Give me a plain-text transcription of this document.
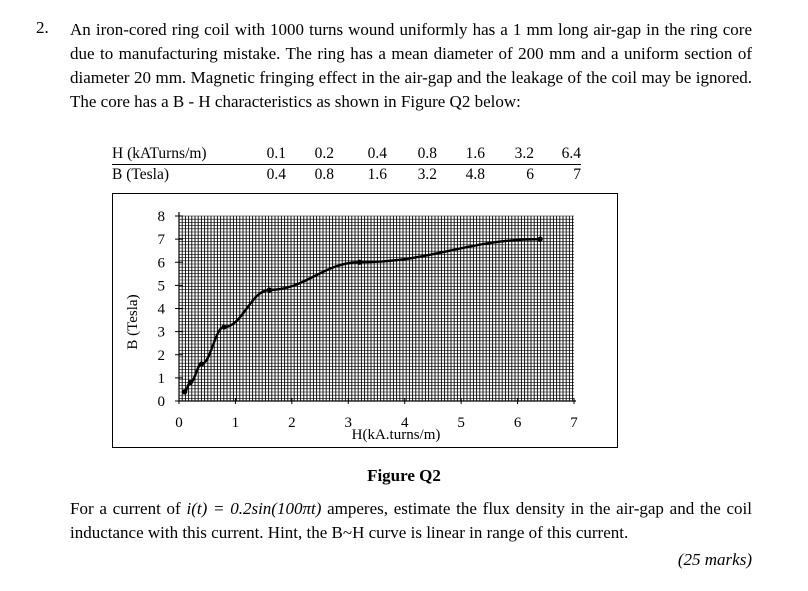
2. An iron-cored ring coil with 1000 turns wound uniformly has a 1 mm long air-gap in the ring core due to manufacturing mistake. The ring has a mean diameter of 200 mm and a uniform section of diameter 20 mm. Magnetic fringing effect in the air-gap and the leakage of the coil may be ignored. The core has a B - H characteristics as shown in Figure Q2 below:
H (kATurns/m)	0.1	0.2	0.4	0.8	1.6	3.2	6.4
B (Tesla)	0.4	0.8	1.6	3.2	4.8	6	7
0
1
2
3
4
5
6
7
8
0	1	2	3	4	5	6	7
B (Tesla)
H(kA.turns/m)
Figure Q2
For a current of i(t) = 0.2sin(100πt) amperes, estimate the flux density in the air-gap and the coil inductance with this current. Hint, the B~H curve is linear in range of this current.
(25 marks)
